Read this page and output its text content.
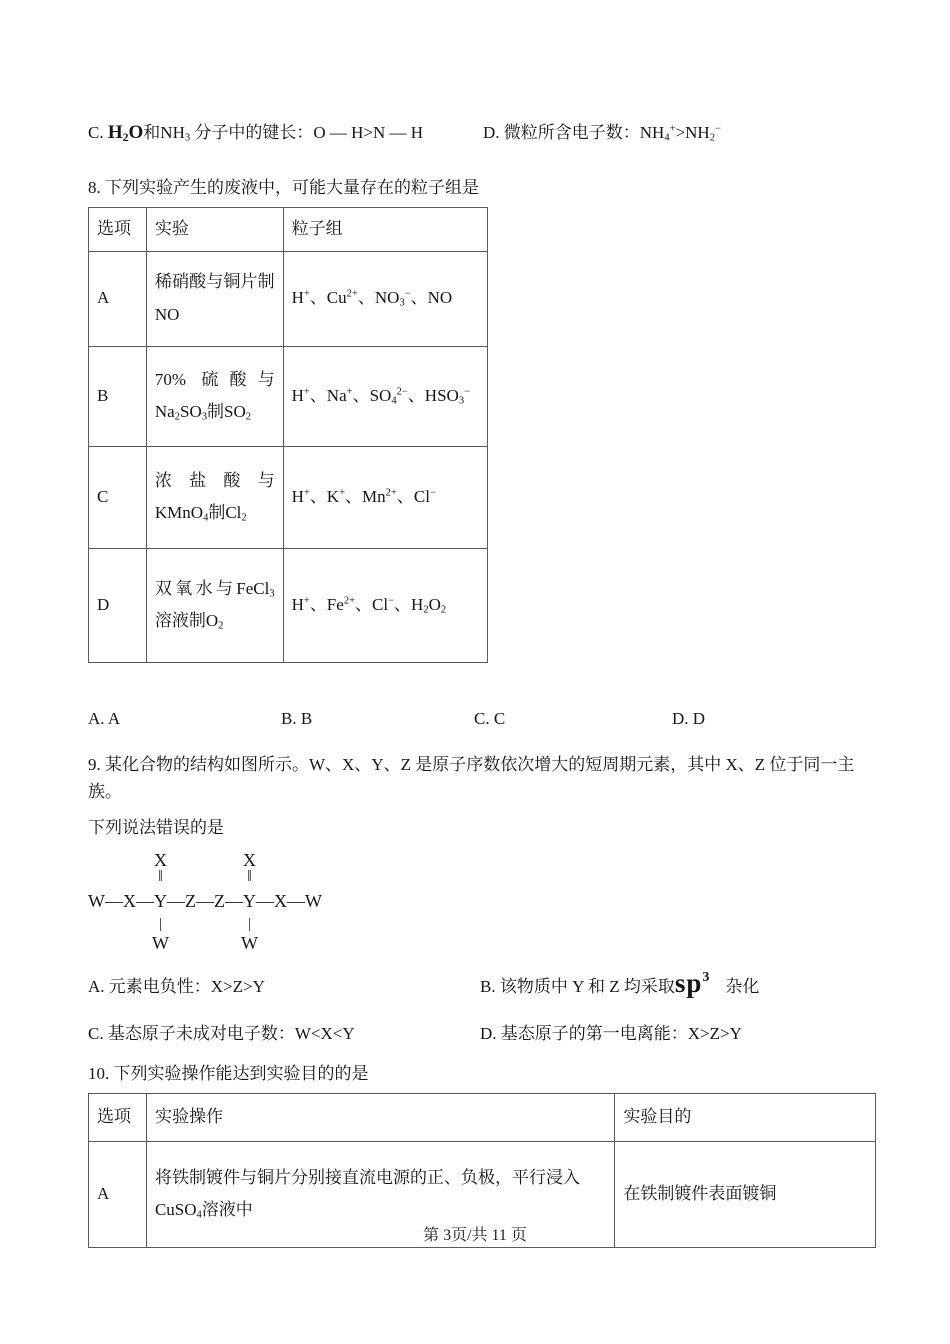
C. $H_2O$和$NH_3$ 分子中的键长：O — H>N — H	D. 微粒所含电子数：$NH_4^+>NH_2^-$
8. 下列实验产生的废液中，可能大量存在的粒子组是
选项	实验	粒子组
A	稀硝酸与铜片制NO	H+、$Cu^{2+}$、$NO_3^-$、NO
B	70% 硫酸与$Na_2SO_3$制$SO_2$	H+、Na+、$SO_4^{2-}$、$HSO_3^-$
C	浓盐酸与KMnO$_4$制$Cl_2$	H+、K+、$Mn^{2+}$、Cl−
D	双氧水与FeCl$_3$溶液制$O_2$	H+、$Fe^{2+}$、Cl−、$H_2O_2$
A. A	B. B	C. C	D. D
9. 某化合物的结构如图所示。W、X、Y、Z 是原子序数依次增大的短周期元素，其中 X、Z 位于同一主族。
下列说法错误的是
W — X —
X
‖
Y
|
W
— Z — Z —
X
‖
Y
|
W
— X — W
A. 元素电负性：X>Z>Y	B. 该物质中 Y 和 Z 均采取$sp^3$ 杂化
C. 基态原子未成对电子数：W<X<Y	D. 基态原子的第一电离能：X>Z>Y
10. 下列实验操作能达到实验目的的是
选项	实验操作	实验目的
A	将铁制镀件与铜片分别接直流电源的正、负极，平行浸入CuSO$_4$溶液中	在铁制镀件表面镀铜
第 3页/共 11 页
